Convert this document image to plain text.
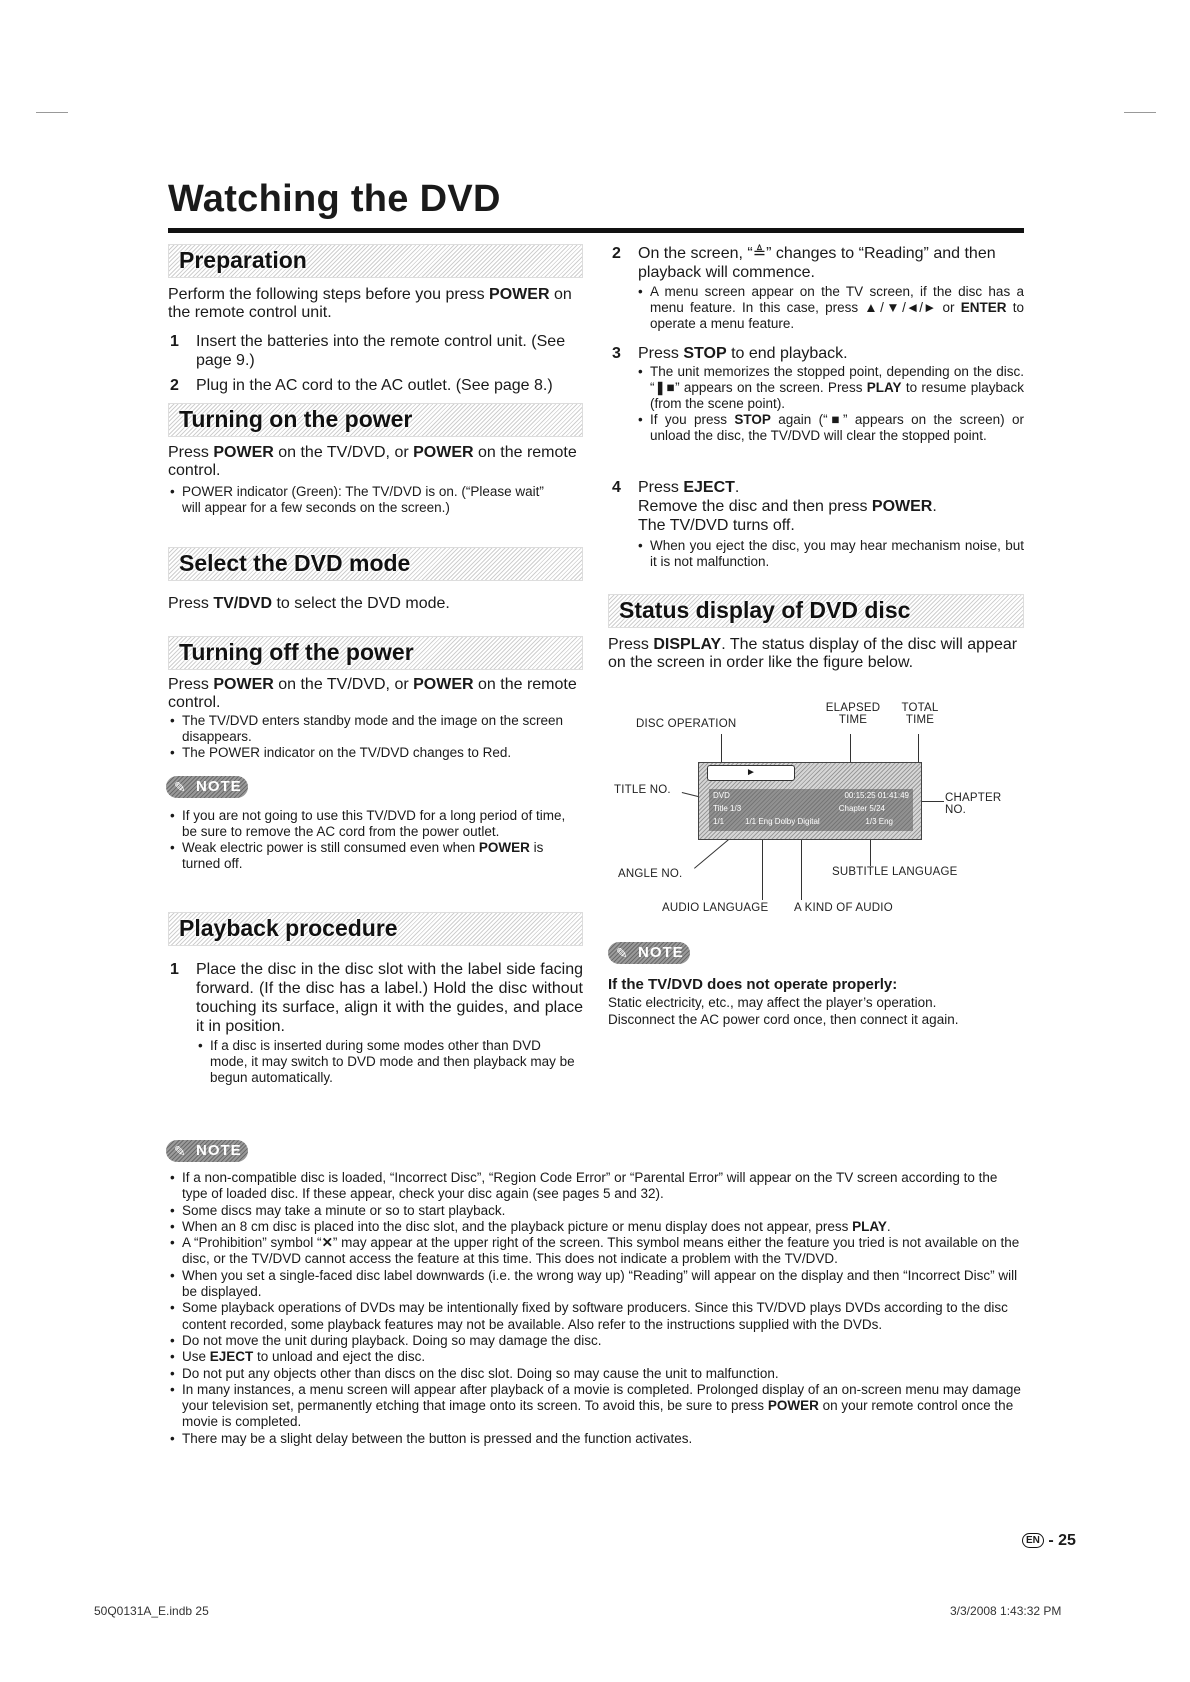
Watching the DVD
Preparation
Perform the following steps before you press POWER on the remote control unit.
1 Insert the batteries into the remote control unit. (See page 9.)
2 Plug in the AC cord to the AC outlet. (See page 8.)
Turning on the power
Press POWER on the TV/DVD, or POWER on the remote control.
• POWER indicator (Green): The TV/DVD is on. (“Please wait” will appear for a few seconds on the screen.)
Select the DVD mode
Press TV/DVD to select the DVD mode.
Turning off the power
Press POWER on the TV/DVD, or POWER on the remote control.
• The TV/DVD enters standby mode and the image on the screen disappears.
• The POWER indicator on the TV/DVD changes to Red.
✎ NOTE
• If you are not going to use this TV/DVD for a long period of time, be sure to remove the AC cord from the power outlet.
• Weak electric power is still consumed even when POWER is turned off.
Playback procedure
1 Place the disc in the disc slot with the label side facing forward. (If the disc has a label.) Hold the disc without touching its surface, align it with the guides, and place it in position.
• If a disc is inserted during some modes other than DVD mode, it may switch to DVD mode and then playback may be begun automatically.
2 On the screen, “≜” changes to “Reading” and then playback will commence.
• A menu screen appear on the TV screen, if the disc has a menu feature. In this case, press ▲/▼/◄/► or ENTER to operate a menu feature.
3 Press STOP to end playback.
• The unit memorizes the stopped point, depending on the disc. “❚■” appears on the screen. Press PLAY to resume playback (from the scene point).
• If you press STOP again (“■” appears on the screen) or unload the disc, the TV/DVD will clear the stopped point.
4 Press EJECT.
Remove the disc and then press POWER.
The TV/DVD turns off.
• When you eject the disc, you may hear mechanism noise, but it is not malfunction.
Status display of DVD disc
Press DISPLAY. The status display of the disc will appear on the screen in order like the figure below.
ELAPSED
TIME
TOTAL
TIME
DISC OPERATION
TITLE NO.
CHAPTER
NO.
ANGLE NO.	SUBTITLE LANGUAGE
AUDIO LANGUAGE A KIND OF AUDIO
►
DVD	00:15:25 01:41:49
Title 1/3	Chapter 5/24
1/1	1/1 Eng Dolby Digital	1/3 Eng
✎ NOTE
If the TV/DVD does not operate properly:
Static electricity, etc., may affect the player’s operation.
Disconnect the AC power cord once, then connect it again.
✎ NOTE
• If a non-compatible disc is loaded, “Incorrect Disc”, “Region Code Error” or “Parental Error” will appear on the TV screen according to the type of loaded disc. If these appear, check your disc again (see pages 5 and 32).
• Some discs may take a minute or so to start playback.
• When an 8 cm disc is placed into the disc slot, and the playback picture or menu display does not appear, press PLAY.
• A “Prohibition” symbol “✕” may appear at the upper right of the screen. This symbol means either the feature you tried is not available on the disc, or the TV/DVD cannot access the feature at this time. This does not indicate a problem with the TV/DVD.
• When you set a single-faced disc label downwards (i.e. the wrong way up) “Reading” will appear on the display and then “Incorrect Disc” will be displayed.
• Some playback operations of DVDs may be intentionally fixed by software producers. Since this TV/DVD plays DVDs according to the disc content recorded, some playback features may not be available. Also refer to the instructions supplied with the DVDs.
• Do not move the unit during playback. Doing so may damage the disc.
• Use EJECT to unload and eject the disc.
• Do not put any objects other than discs on the disc slot. Doing so may cause the unit to malfunction.
• In many instances, a menu screen will appear after playback of a movie is completed. Prolonged display of an on-screen menu may damage your television set, permanently etching that image onto its screen. To avoid this, be sure to press POWER on your remote control once the movie is completed.
• There may be a slight delay between the button is pressed and the function activates.
EN - 25
50Q0131A_E.indb 25	3/3/2008 1:43:32 PM
